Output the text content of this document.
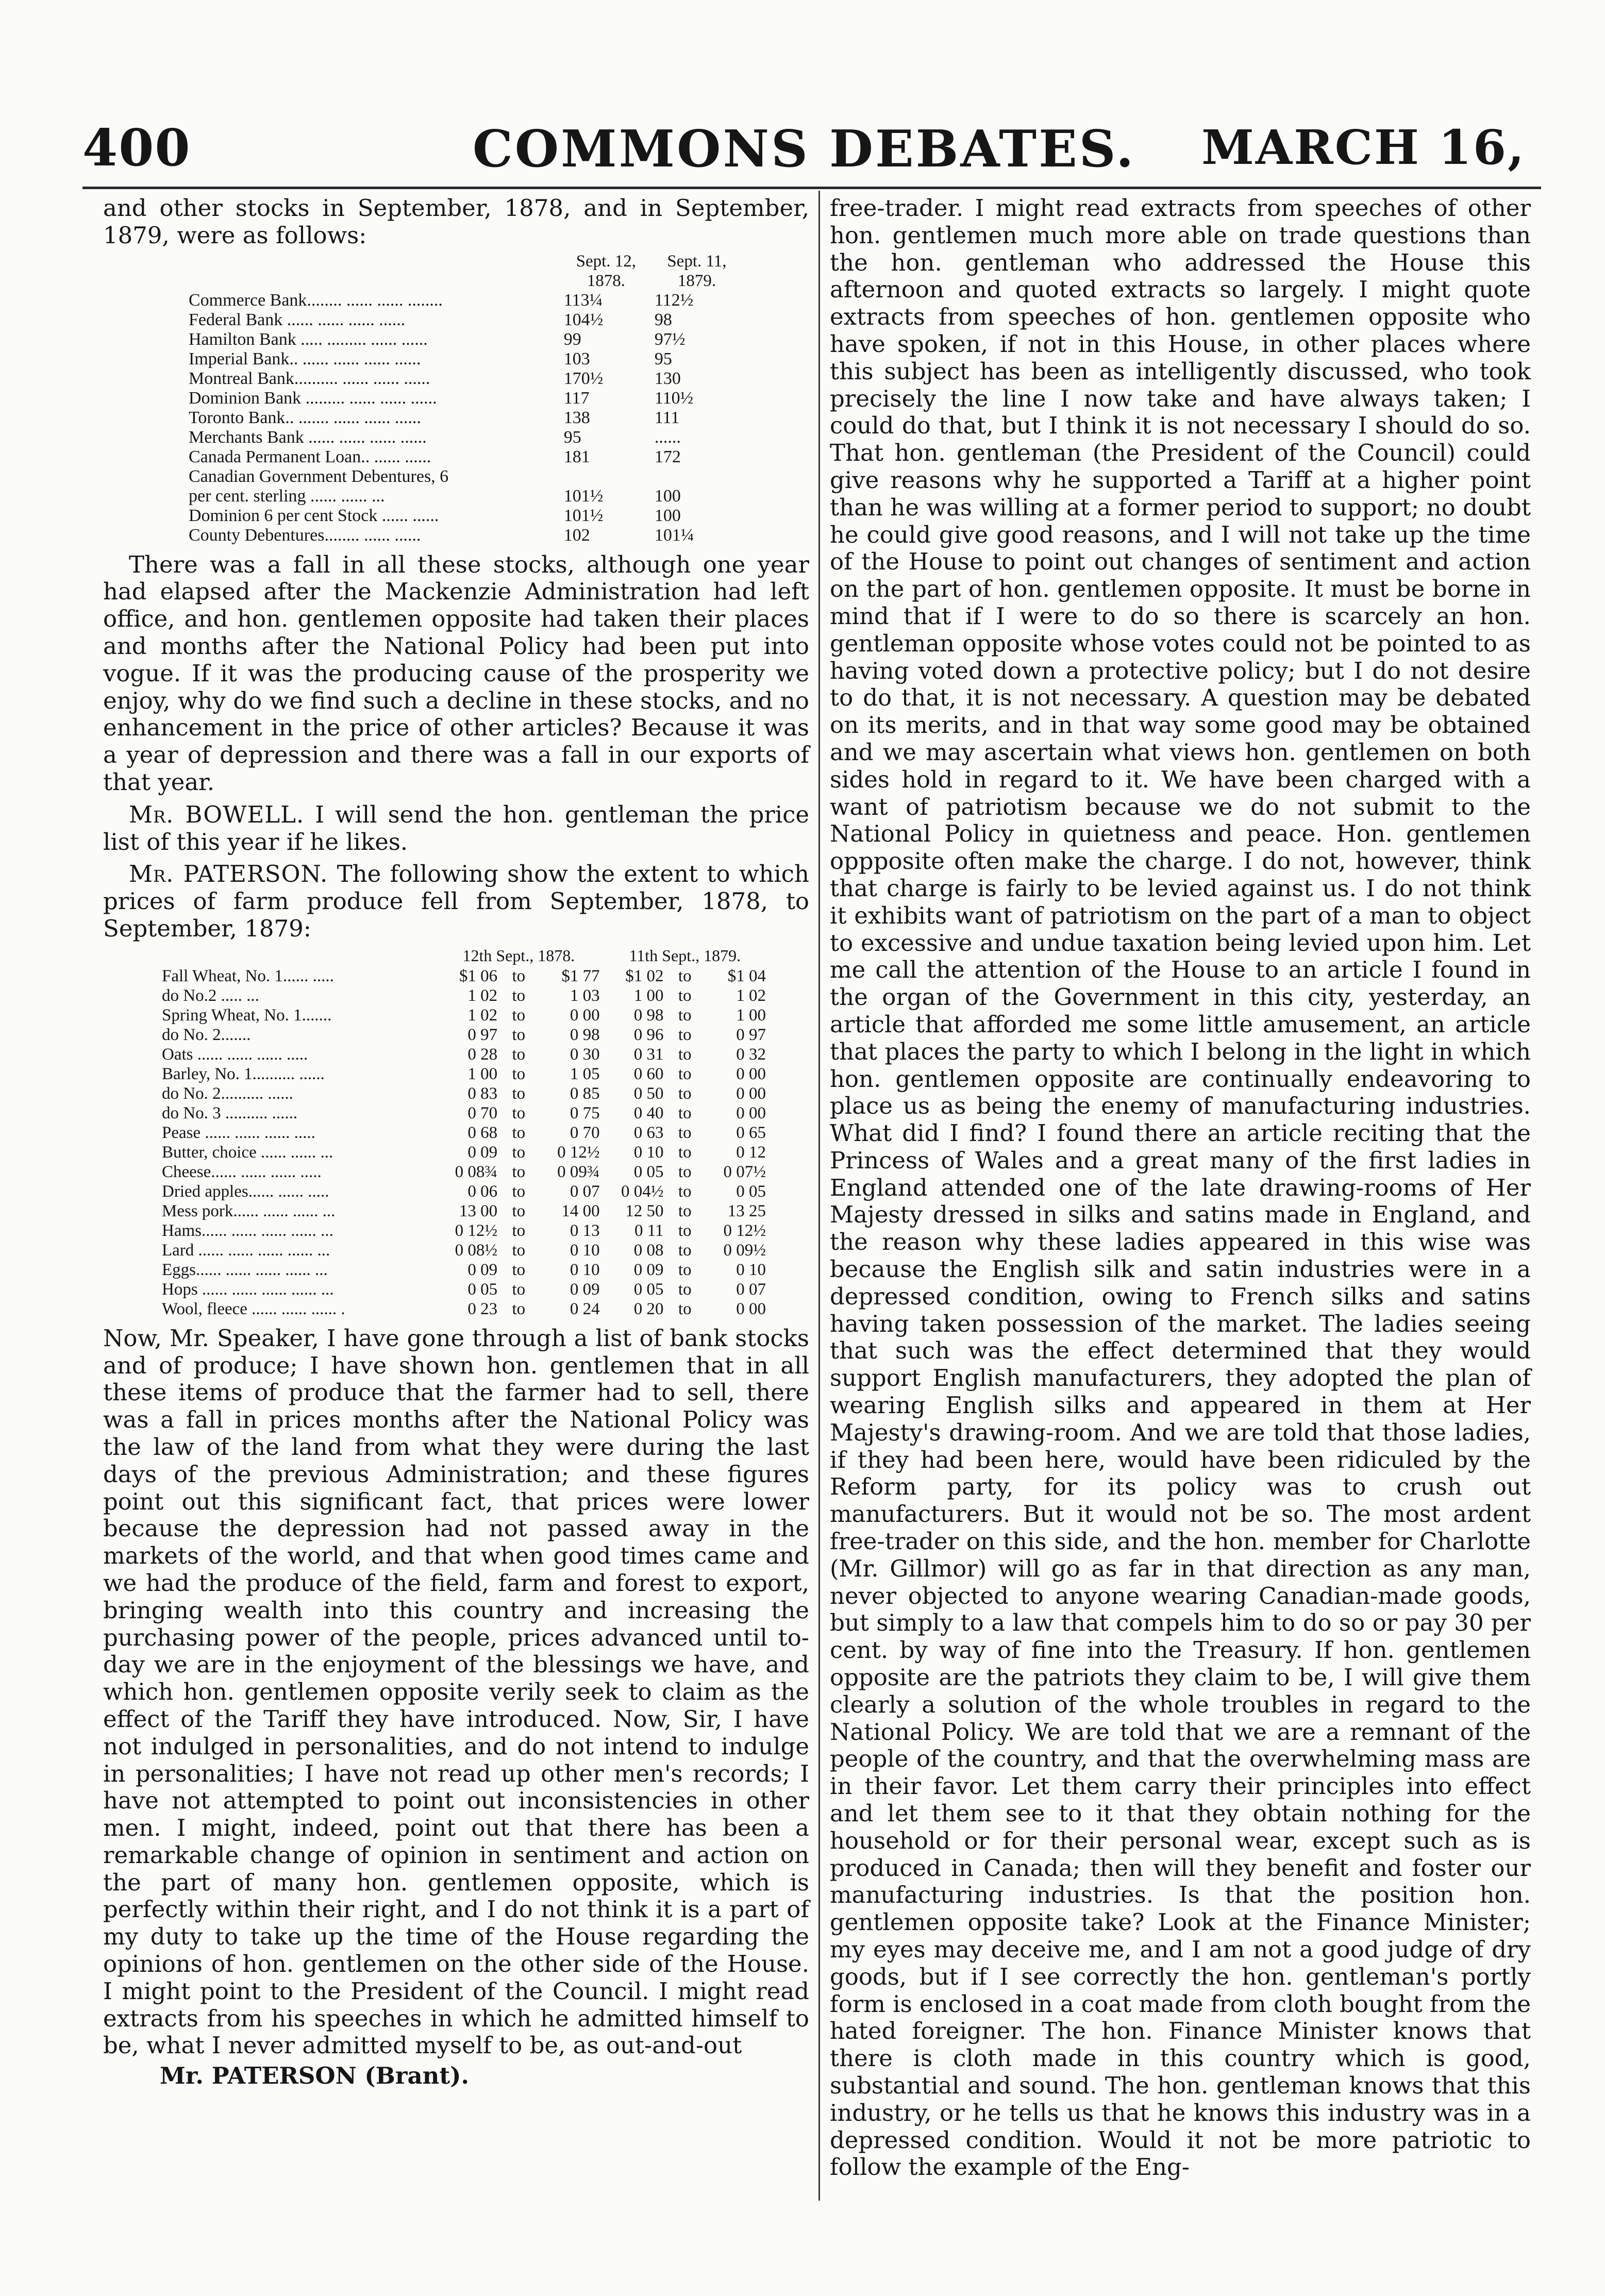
400	COMMONS DEBATES.	MARCH 16,

and other stocks in September, 1878, and in September, 1879, were as follows:

	Sept. 12, 1878.	Sept. 11, 1879.
Commerce Bank........ ...... ...... ........	113¼	112½
Federal Bank ...... ...... ...... ......	104½	98
Hamilton Bank ..... ......... ...... ......	99	97½
Imperial Bank.. ...... ...... ...... ......	103	95
Montreal Bank.......... ...... ...... ......	170½	130
Dominion Bank ......... ...... ...... ......	117	110½
Toronto Bank.. ....... ...... ...... ......	138	111
Merchants Bank ...... ...... ...... ......	95	......
Canada Permanent Loan.. ...... ......	181	172
Canadian Government Debentures, 6		
per cent. sterling ...... ...... ...	101½	100
Dominion 6 per cent Stock ...... ......	101½	100
County Debentures........ ...... ......	102	101¼

There was a fall in all these stocks, although one year had elapsed after the Mackenzie Administration had left office, and hon. gentlemen opposite had taken their places and months after the National Policy had been put into vogue. If it was the producing cause of the prosperity we enjoy, why do we find such a decline in these stocks, and no enhancement in the price of other articles? Because it was a year of depression and there was a fall in our exports of that year.

Mr. BOWELL. I will send the hon. gentleman the price list of this year if he likes.

Mr. PATERSON. The following show the extent to which prices of farm produce fell from September, 1878, to September, 1879:

	12th Sept., 1878.			11th Sept., 1879.		
Fall Wheat, No. 1...... .....	$1 06	to	$1 77	$1 02	to	$1 04
do No.2 ..... ...	1 02	to	1 03	1 00	to	1 02
Spring Wheat, No. 1.......	1 02	to	0 00	0 98	to	1 00
do No. 2.......	0 97	to	0 98	0 96	to	0 97
Oats ...... ...... ...... .....	0 28	to	0 30	0 31	to	0 32
Barley, No. 1.......... ......	1 00	to	1 05	0 60	to	0 00
do No. 2.......... ......	0 83	to	0 85	0 50	to	0 00
do No. 3 .......... ......	0 70	to	0 75	0 40	to	0 00
Pease ...... ...... ...... .....	0 68	to	0 70	0 63	to	0 65
Butter, choice ...... ...... ...	0 09	to	0 12½	0 10	to	0 12
Cheese...... ...... ...... .....	0 08¾	to	0 09¾	0 05	to	0 07½
Dried apples...... ...... .....	0 06	to	0 07	0 04½	to	0 05
Mess pork...... ...... ...... ...	13 00	to	14 00	12 50	to	13 25
Hams...... ...... ...... ...... ...	0 12½	to	0 13	0 11	to	0 12½
Lard ...... ...... ...... ...... ...	0 08½	to	0 10	0 08	to	0 09½
Eggs...... ...... ...... ...... ...	0 09	to	0 10	0 09	to	0 10
Hops ...... ...... ...... ...... ...	0 05	to	0 09	0 05	to	0 07
Wool, fleece ...... ...... ...... .	0 23	to	0 24	0 20	to	0 00

Now, Mr. Speaker, I have gone through a list of bank stocks and of produce; I have shown hon. gentlemen that in all these items of produce that the farmer had to sell, there was a fall in prices months after the National Policy was the law of the land from what they were during the last days of the previous Administration; and these figures point out this significant fact, that prices were lower because the depression had not passed away in the markets of the world, and that when good times came and we had the produce of the field, farm and forest to export, bringing wealth into this country and increasing the purchasing power of the people, prices advanced until to-day we are in the enjoyment of the blessings we have, and which hon. gentlemen opposite verily seek to claim as the effect of the Tariff they have introduced. Now, Sir, I have not indulged in personalities, and do not intend to indulge in personalities; I have not read up other men's records; I have not attempted to point out inconsistencies in other men. I might, indeed, point out that there has been a remarkable change of opinion in sentiment and action on the part of many hon. gentlemen opposite, which is perfectly within their right, and I do not think it is a part of my duty to take up the time of the House regarding the opinions of hon. gentlemen on the other side of the House. I might point to the President of the Council. I might read extracts from his speeches in which he admitted himself to be, what I never admitted myself to be, as out-and-out

Mr. PATERSON (Brant).

free-trader. I might read extracts from speeches of other hon. gentlemen much more able on trade questions than the hon. gentleman who addressed the House this afternoon and quoted extracts so largely. I might quote extracts from speeches of hon. gentlemen opposite who have spoken, if not in this House, in other places where this subject has been as intelligently discussed, who took precisely the line I now take and have always taken; I could do that, but I think it is not necessary I should do so. That hon. gentleman (the President of the Council) could give reasons why he supported a Tariff at a higher point than he was willing at a former period to support; no doubt he could give good reasons, and I will not take up the time of the House to point out changes of sentiment and action on the part of hon. gentlemen opposite. It must be borne in mind that if I were to do so there is scarcely an hon. gentleman opposite whose votes could not be pointed to as having voted down a protective policy; but I do not desire to do that, it is not necessary. A question may be debated on its merits, and in that way some good may be obtained and we may ascertain what views hon. gentlemen on both sides hold in regard to it. We have been charged with a want of patriotism because we do not submit to the National Policy in quietness and peace. Hon. gentlemen oppposite often make the charge. I do not, however, think that charge is fairly to be levied against us. I do not think it exhibits want of patriotism on the part of a man to object to excessive and undue taxation being levied upon him. Let me call the attention of the House to an article I found in the organ of the Government in this city, yesterday, an article that afforded me some little amusement, an article that places the party to which I belong in the light in which hon. gentlemen opposite are continually endeavoring to place us as being the enemy of manufacturing industries. What did I find? I found there an article reciting that the Princess of Wales and a great many of the first ladies in England attended one of the late drawing-rooms of Her Majesty dressed in silks and satins made in England, and the reason why these ladies appeared in this wise was because the English silk and satin industries were in a depressed condition, owing to French silks and satins having taken possession of the market. The ladies seeing that such was the effect determined that they would support English manufacturers, they adopted the plan of wearing English silks and appeared in them at Her Majesty's drawing-room. And we are told that those ladies, if they had been here, would have been ridiculed by the Reform party, for its policy was to crush out manufacturers. But it would not be so. The most ardent free-trader on this side, and the hon. member for Charlotte (Mr. Gillmor) will go as far in that direction as any man, never objected to anyone wearing Canadian-made goods, but simply to a law that compels him to do so or pay 30 per cent. by way of fine into the Treasury. If hon. gentlemen opposite are the patriots they claim to be, I will give them clearly a solution of the whole troubles in regard to the National Policy. We are told that we are a remnant of the people of the country, and that the overwhelming mass are in their favor. Let them carry their principles into effect and let them see to it that they obtain nothing for the household or for their personal wear, except such as is produced in Canada; then will they benefit and foster our manufacturing industries. Is that the position hon. gentlemen opposite take? Look at the Finance Minister; my eyes may deceive me, and I am not a good judge of dry goods, but if I see correctly the hon. gentleman's portly form is enclosed in a coat made from cloth bought from the hated foreigner. The hon. Finance Minister knows that there is cloth made in this country which is good, substantial and sound. The hon. gentleman knows that this industry, or he tells us that he knows this industry was in a depressed condition. Would it not be more patriotic to follow the example of the Eng-
